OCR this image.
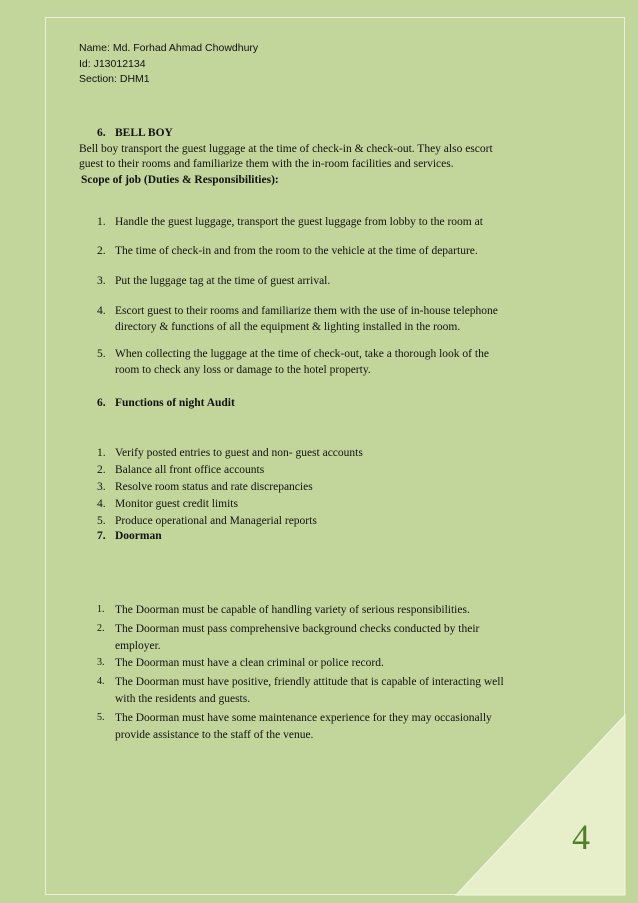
Name: Md. Forhad Ahmad Chowdhury
Id: J13012134
Section: DHM1
6. BELL BOY
Bell boy transport the guest luggage at the time of check-in & check-out. They also escort
guest to their rooms and familiarize them with the in-room facilities and services.
Scope of job (Duties & Responsibilities):
1. Handle the guest luggage, transport the guest luggage from lobby to the room at
2. The time of check-in and from the room to the vehicle at the time of departure.
3. Put the luggage tag at the time of guest arrival.
4. Escort guest to their rooms and familiarize them with the use of in-house telephone
directory & functions of all the equipment & lighting installed in the room.
5. When collecting the luggage at the time of check-out, take a thorough look of the
room to check any loss or damage to the hotel property.
6. Functions of night Audit
1. Verify posted entries to guest and non- guest accounts
2. Balance all front office accounts
3. Resolve room status and rate discrepancies
4. Monitor guest credit limits
5. Produce operational and Managerial reports
7. Doorman
1. The Doorman must be capable of handling variety of serious responsibilities.
2. The Doorman must pass comprehensive background checks conducted by their
employer.
3. The Doorman must have a clean criminal or police record.
4. The Doorman must have positive, friendly attitude that is capable of interacting well
with the residents and guests.
5. The Doorman must have some maintenance experience for they may occasionally
provide assistance to the staff of the venue.
4
